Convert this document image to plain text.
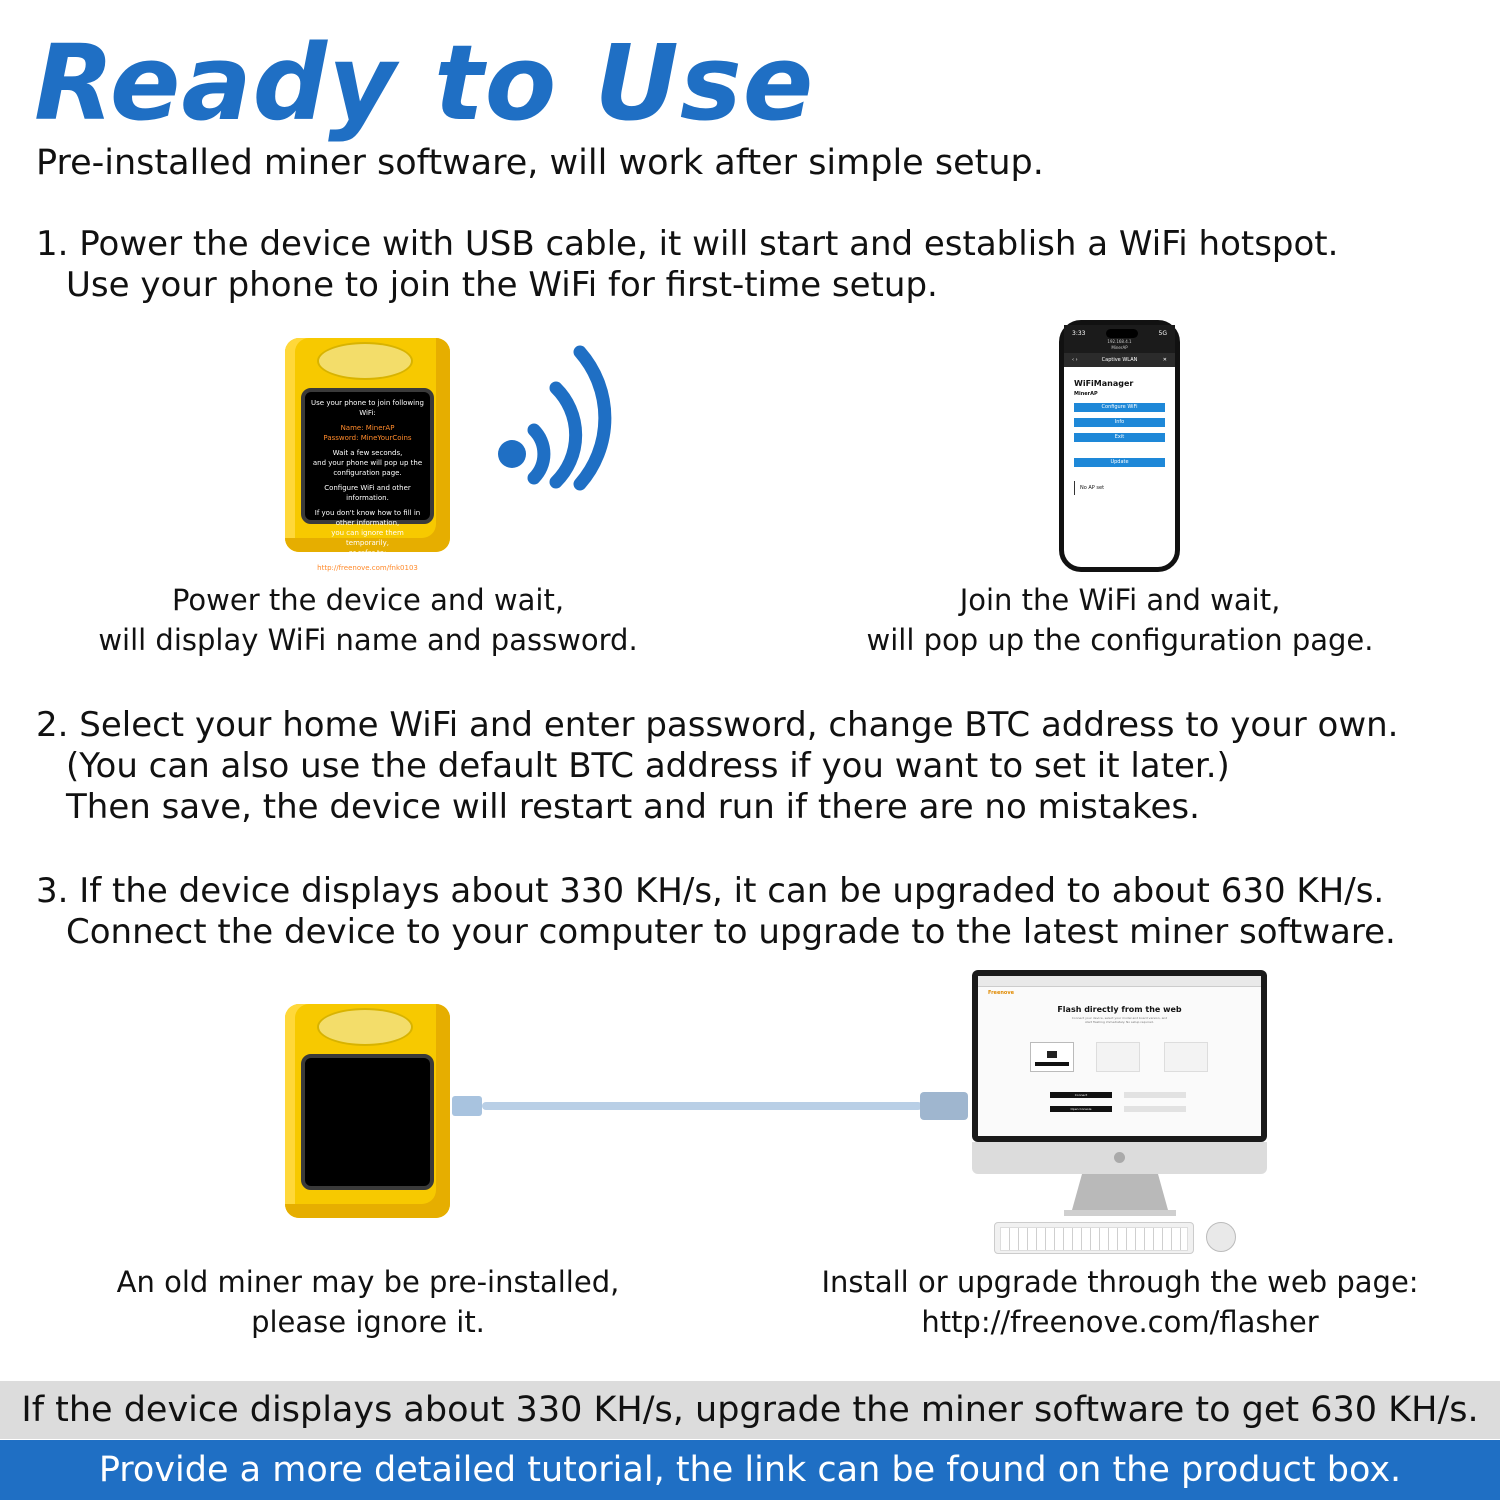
Ready to Use
Pre-installed miner software, will work after simple setup.
1. Power the device with USB cable, it will start and establish a WiFi hotspot.
Use your phone to join the WiFi for first-time setup.

Use your phone to join following WiFi:

Name: MinerAP

Password: MineYourCoins

Wait a few seconds,

and your phone will pop up the configuration page.

Configure WiFi and other information.

If you don't know how to fill in other information,
you can ignore them temporarily,

or refer to:

http://freenove.com/fnk0103
3:33	5G
192.168.4.1
MinerAP
‹ ›	Captive WLAN	✕
WiFiManager
MinerAP
Configure WiFi
Info
Exit
Update
No AP set
Power the device and wait,
will display WiFi name and password.
Join the WiFi and wait,
will pop up the configuration page.
2. Select your home WiFi and enter password, change BTC address to your own.
(You can also use the default BTC address if you want to set it later.)
Then save, the device will restart and run if there are no mistakes.
3. If the device displays about 330 KH/s, it can be upgraded to about 630 KH/s.
Connect the device to your computer to upgrade to the latest miner software.
Freenove
Flash directly from the web
Connect your device, select your model and board version, and
start flashing immediately. No setup required.
Connect
Open Console
An old miner may be pre-installed,
please ignore it.
Install or upgrade through the web page:
http://freenove.com/flasher
If the device displays about 330 KH/s, upgrade the miner software to get 630 KH/s.
Provide a more detailed tutorial, the link can be found on the product box.
